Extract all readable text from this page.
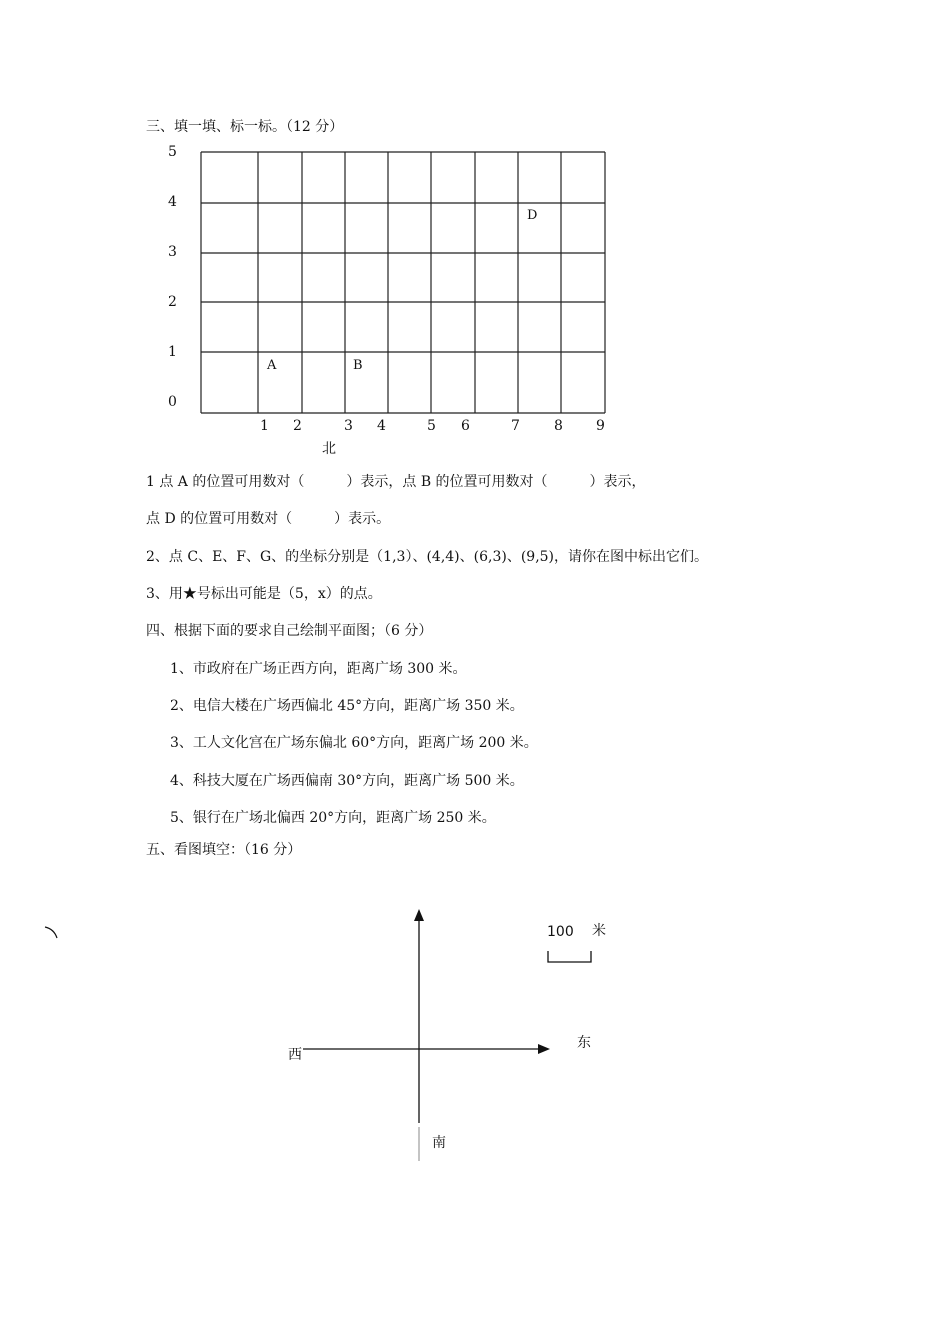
三、填一填、标一标。（12 分）
5
4
3
2
1
0
1 2	3 4	5 6	7 8 9
北
A	B
D
1 点 A 的位置可用数对（　　　）表示，点 B 的位置可用数对（　　　）表示，
点 D 的位置可用数对（　　　）表示。
2、点 C、E、F、G、的坐标分别是（1,3）、(4,4)、(6,3)、(9,5)，请你在图中标出它们。
3、用★号标出可能是（5，x）的点。
四、根据下面的要求自己绘制平面图；（6 分）
1、市政府在广场正西方向，距离广场 300 米。
2、电信大楼在广场西偏北 45°方向，距离广场 350 米。
3、工人文化宫在广场东偏北 60°方向，距离广场 200 米。
4、科技大厦在广场西偏南 30°方向，距离广场 500 米。
5、银行在广场北偏西 20°方向，距离广场 250 米。
五、看图填空：（16 分）
100 米
东
西
南
